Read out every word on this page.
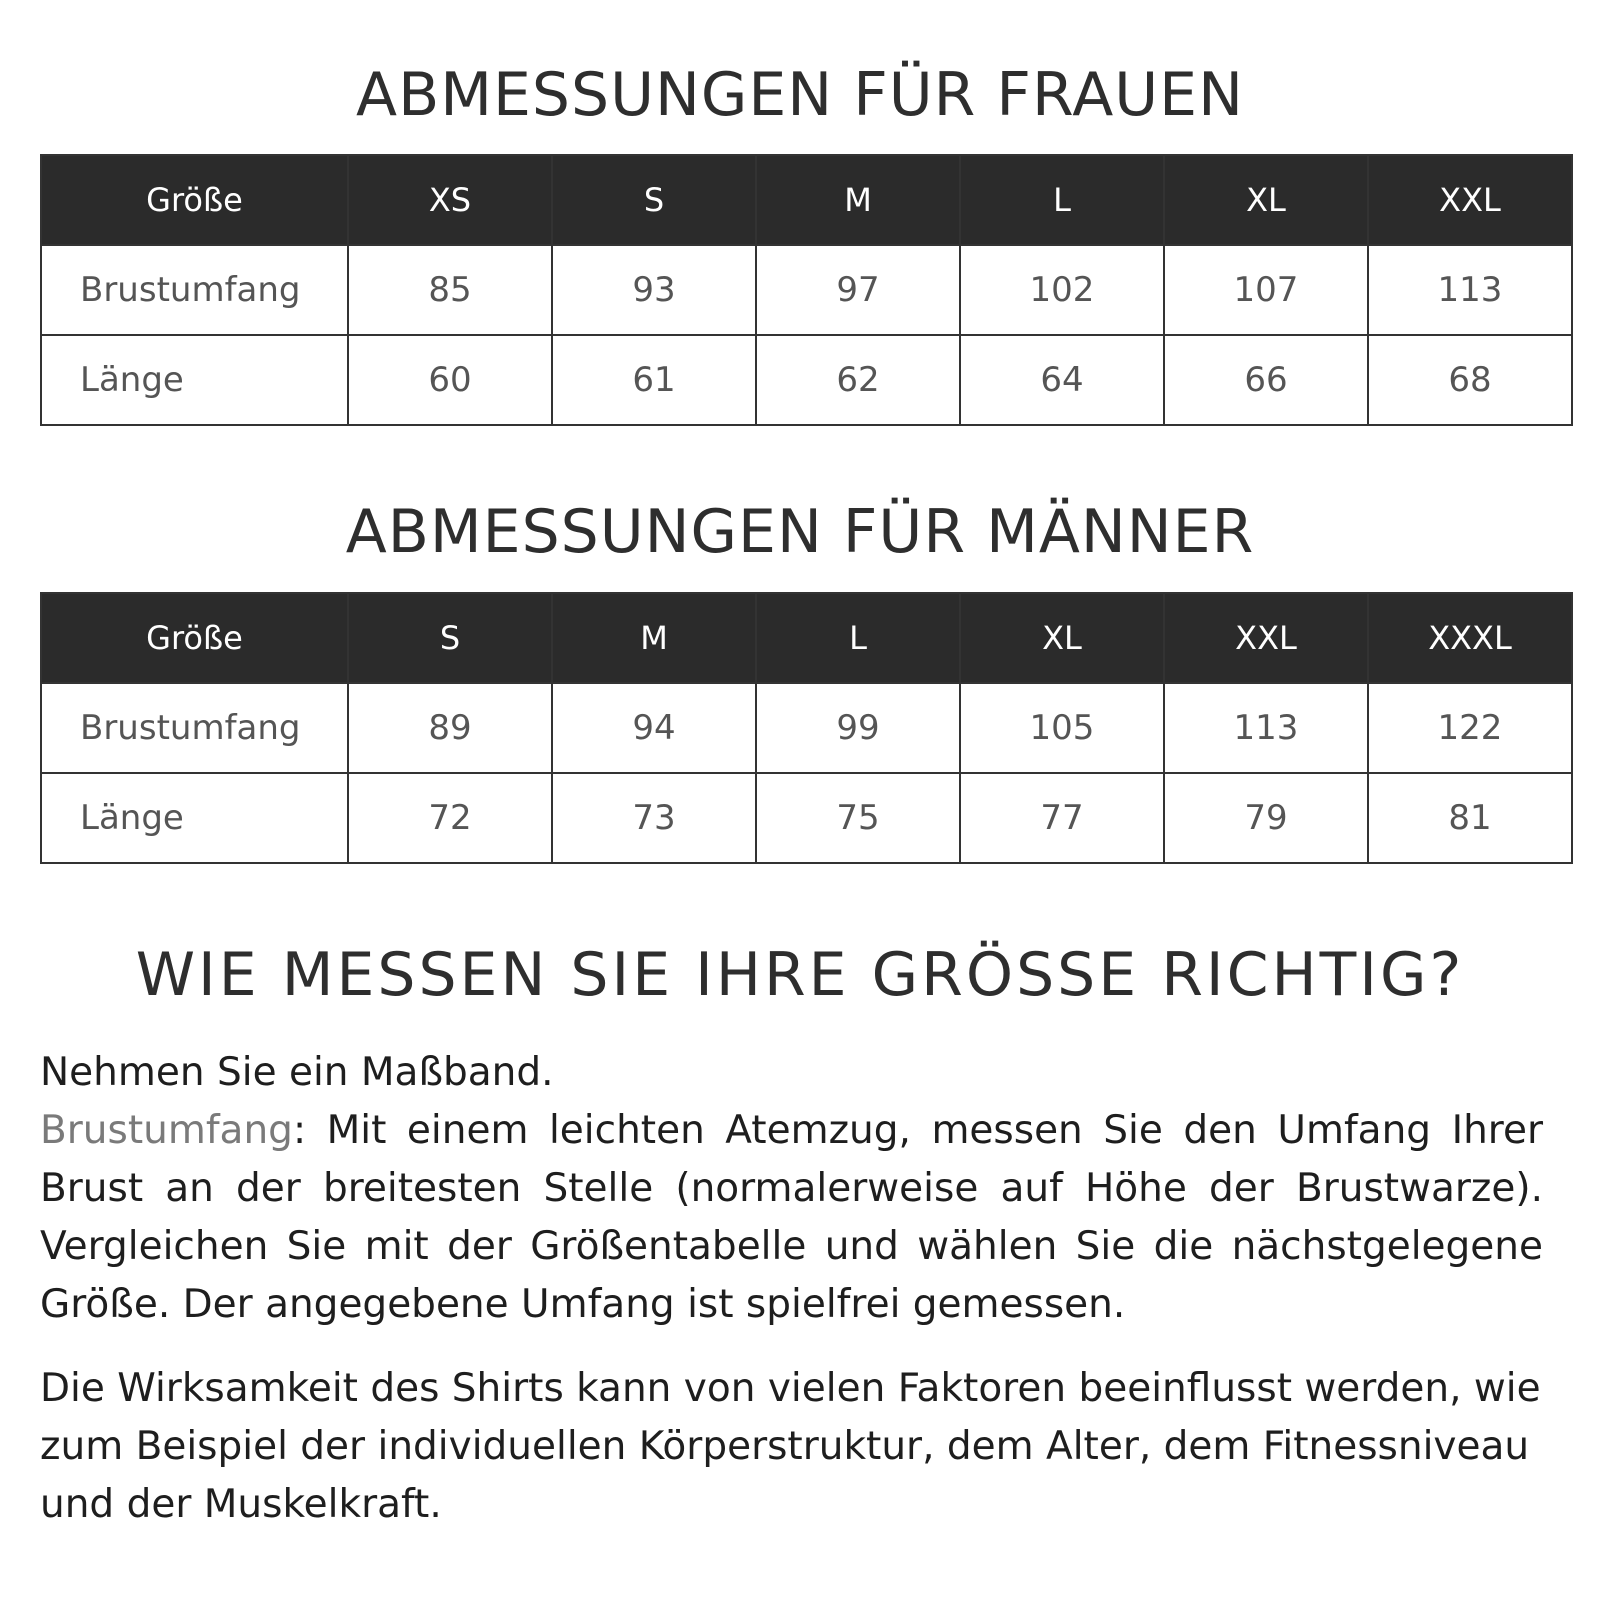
ABMESSUNGEN FÜR FRAUEN
Größe	XS	S	M	L	XL	XXL
Brustumfang	85	93	97	102	107	113
Länge	60	61	62	64	66	68
ABMESSUNGEN FÜR MÄNNER
Größe	S	M	L	XL	XXL	XXXL
Brustumfang	89	94	99	105	113	122
Länge	72	73	75	77	79	81
WIE MESSEN SIE IHRE GRÖSSE RICHTIG?

Nehmen Sie ein Maßband.

Brustumfang: Mit einem leichten Atemzug, messen Sie den Umfang Ihrer Brust an der breitesten Stelle (normalerweise auf Höhe der Brustwarze). Vergleichen Sie mit der Größentabelle und wählen Sie die nächstgelegene Größe. Der angegebene Umfang ist spielfrei gemessen.

Die Wirksamkeit des Shirts kann von vielen Faktoren beeinflusst werden, wie zum Beispiel der individuellen Körperstruktur, dem Alter, dem Fitnessniveau und der Muskelkraft.
